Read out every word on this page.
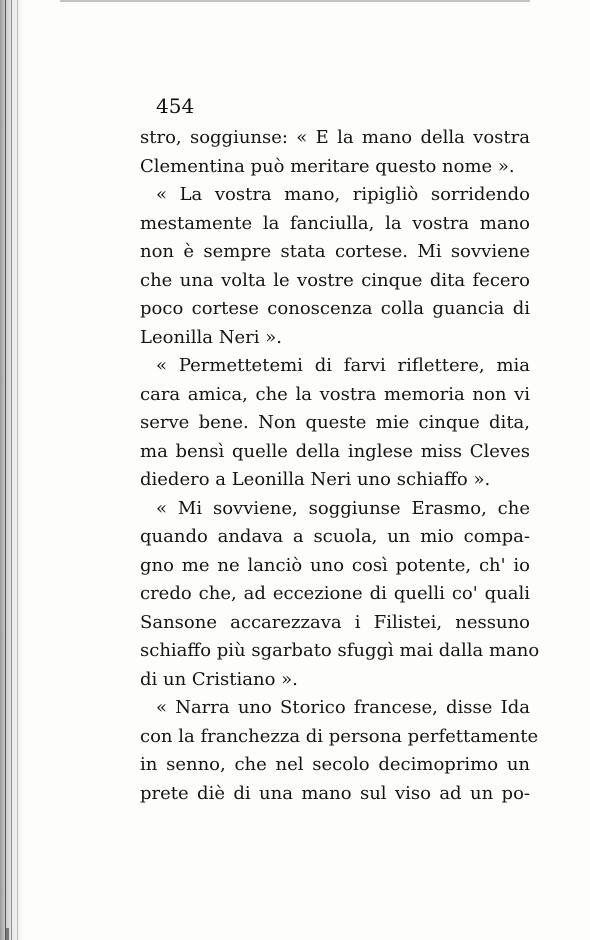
454
stro, soggiunse: « E la mano della vostra
Clementina può meritare questo nome ».
« La vostra mano, ripigliò sorridendo
mestamente la fanciulla, la vostra mano
non è sempre stata cortese. Mi sovviene
che una volta le vostre cinque dita fecero
poco cortese conoscenza colla guancia di
Leonilla Neri ».
« Permettetemi di farvi riflettere, mia
cara amica, che la vostra memoria non vi
serve bene. Non queste mie cinque dita,
ma bensì quelle della inglese miss Cleves
diedero a Leonilla Neri uno schiaffo ».
« Mi sovviene, soggiunse Erasmo, che
quando andava a scuola, un mio compa-
gno me ne lanciò uno così potente, ch' io
credo che, ad eccezione di quelli co' quali
Sansone accarezzava i Filistei, nessuno
schiaffo più sgarbato sfuggì mai dalla mano
di un Cristiano ».
« Narra uno Storico francese, disse Ida
con la franchezza di persona perfettamente
in senno, che nel secolo decimoprimo un
prete diè di una mano sul viso ad un po-
